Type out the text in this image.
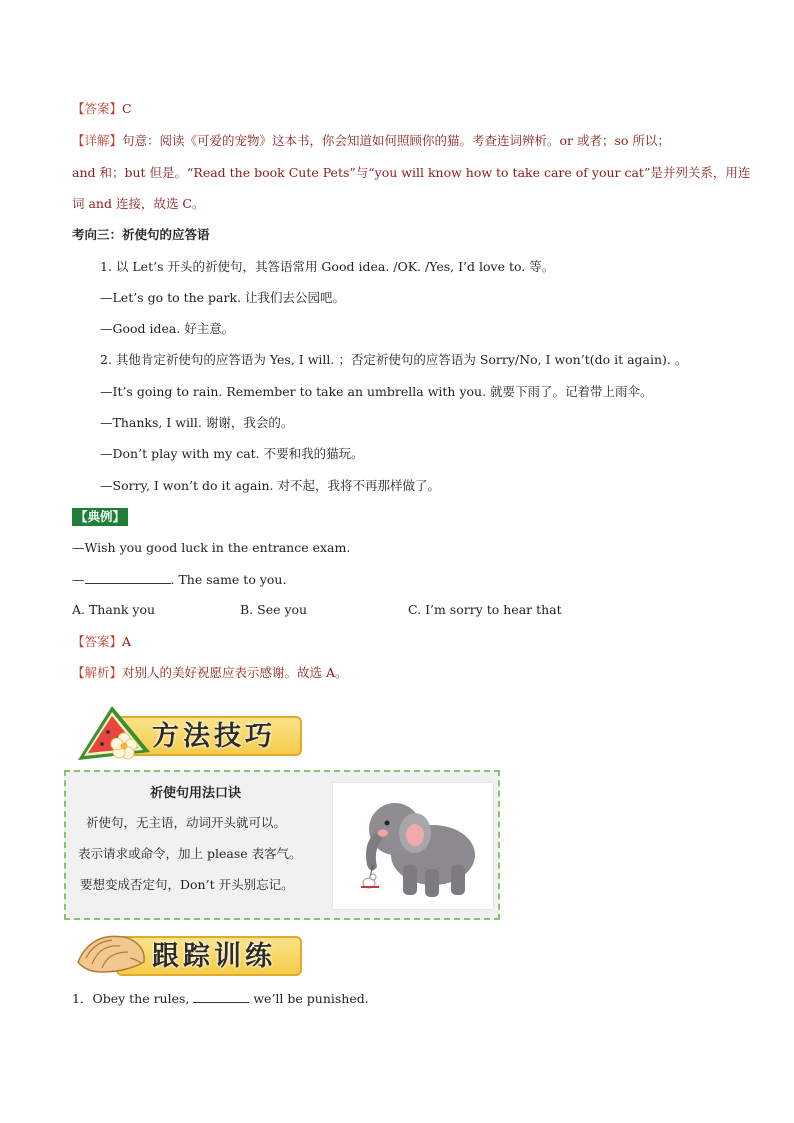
【答案】C
【详解】句意：阅读《可爱的宠物》这本书，你会知道如何照顾你的猫。考查连词辨析。or 或者；so 所以；
and 和；but 但是。“Read the book Cute Pets”与“you will know how to take care of your cat”是并列关系，用连
词 and 连接，故选 C。
考向三：祈使句的应答语
1. 以 Let’s 开头的祈使句，其答语常用 Good idea. /OK. /Yes, I’d love to. 等。
—Let’s go to the park. 让我们去公园吧。
—Good idea. 好主意。
2. 其他肯定祈使句的应答语为 Yes, I will. ；否定祈使句的应答语为 Sorry/No, I won’t(do it again). 。
—It’s going to rain. Remember to take an umbrella with you. 就要下雨了。记着带上雨伞。
—Thanks, I will. 谢谢，我会的。
—Don’t play with my cat. 不要和我的猫玩。
—Sorry, I won’t do it again. 对不起，我将不再那样做了。
【典例】
—Wish you good luck in the entrance exam.
—	. The same to you.
A. Thank you	B. See you	C. I’m sorry to hear that
【答案】A
【解析】对别人的美好祝愿应表示感谢。故选 A。
方法技巧
祈使句用法口诀
祈使句，无主语，动词开头就可以。
表示请求或命令，加上 please 表客气。
要想变成否定句，Don’t 开头别忘记。
跟踪训练
1．Obey the rules,	we’ll be punished.
